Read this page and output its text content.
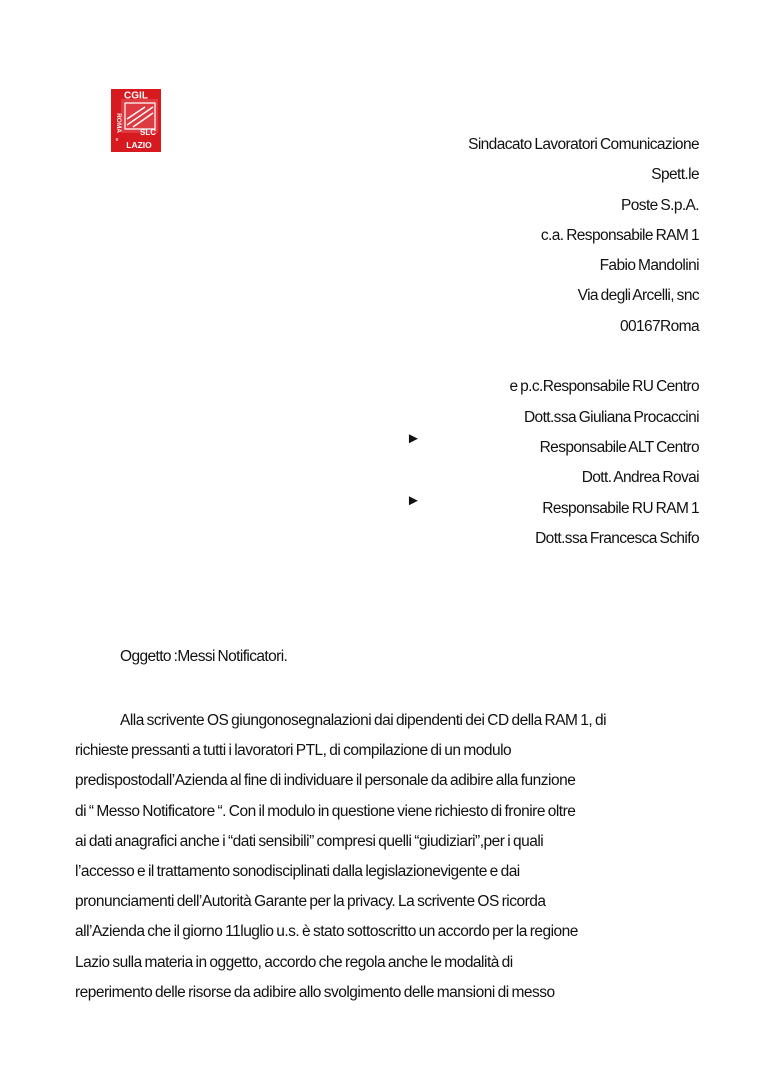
CGIL
ROMA SLC
e LAZIO	Sindacato Lavoratori Comunicazione
Spett.le
Poste S.p.A.
c.a. Responsabile RAM 1
Fabio Mandolini
Via degli Arcelli, snc
00167Roma
e p.c.Responsabile RU Centro
Dott.ssa Giuliana Procaccini
Responsabile ALT Centro
Dott. Andrea Rovai
Responsabile RU RAM 1
Dott.ssa Francesca Schifo
►
►
Oggetto :Messi Notificatori.
Alla scrivente OS giungonosegnalazioni dai dipendenti dei CD della RAM 1, di
richieste pressanti a tutti i lavoratori PTL, di compilazione di un modulo
predispostodall’Azienda al fine di individuare il personale da adibire alla funzione
di “ Messo Notificatore “. Con il modulo in questione viene richiesto di fronire oltre
ai dati anagrafici anche i “dati sensibili” compresi quelli “giudiziari”,per i quali
l’accesso e il trattamento sonodisciplinati dalla legislazionevigente e dai
pronunciamenti dell’Autorità Garante per la privacy. La scrivente OS ricorda
all’Azienda che il giorno 11luglio u.s. è stato sottoscritto un accordo per la regione
Lazio sulla materia in oggetto, accordo che regola anche le modalità di
reperimento delle risorse da adibire allo svolgimento delle mansioni di messo
